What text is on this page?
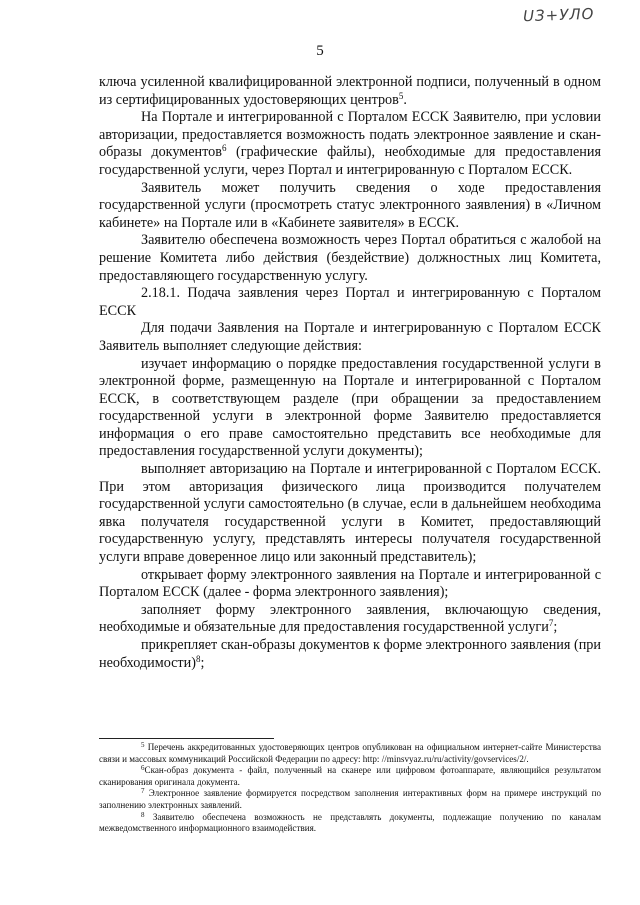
UЗ+УЛО
5

ключа усиленной квалифицированной электронной подписи, полученный в одном из сертифицированных удостоверяющих центров$^5$.

На Портале и интегрированной с Порталом ЕССК Заявителю, при условии авторизации, предоставляется возможность подать электронное заявление и скан-образы документов$^6$ (графические файлы), необходимые для предоставления государственной услуги, через Портал и интегрированную с Порталом ЕССК.

Заявитель может получить сведения о ходе предоставления государственной услуги (просмотреть статус электронного заявления) в «Личном кабинете» на Портале или в «Кабинете заявителя» в ЕССК.

Заявителю обеспечена возможность через Портал обратиться с жалобой на решение Комитета либо действия (бездействие) должностных лиц Комитета, предоставляющего государственную услугу.

2.18.1. Подача заявления через Портал и интегрированную с Порталом ЕССК

Для подачи Заявления на Портале и интегрированную с Порталом ЕССК Заявитель выполняет следующие действия:

изучает информацию о порядке предоставления государственной услуги в электронной форме, размещенную на Портале и интегрированной с Порталом ЕССК, в соответствующем разделе (при обращении за предоставлением государственной услуги в электронной форме Заявителю предоставляется информация о его праве самостоятельно представить все необходимые для предоставления государственной услуги документы);

выполняет авторизацию на Портале и интегрированной с Порталом ЕССК. При этом авторизация физического лица производится получателем государственной услуги самостоятельно (в случае, если в дальнейшем необходима явка получателя государственной услуги в Комитет, предоставляющий государственную услугу, представлять интересы получателя государственной услуги вправе доверенное лицо или законный представитель);

открывает форму электронного заявления на Портале и интегрированной с Порталом ЕССК (далее - форма электронного заявления);

заполняет форму электронного заявления, включающую сведения, необходимые и обязательные для предоставления государственной услуги$^7$;

прикрепляет скан-образы документов к форме электронного заявления (при необходимости)$^8$;

$^5$ Перечень аккредитованных удостоверяющих центров опубликован на официальном интернет-сайте Министерства связи и массовых коммуникаций Российской Федерации по адресу: http: //minsvyaz.ru/ru/activity/govservices/2/.

$^6$Скан-образ документа - файл, полученный на сканере или цифровом фотоаппарате, являющийся результатом сканирования оригинала документа.

$^7$ Электронное заявление формируется посредством заполнения интерактивных форм на примере инструкций по заполнению электронных заявлений.

$^8$ Заявителю обеспечена возможность не представлять документы, подлежащие получению по каналам межведомственного информационного взаимодействия.
